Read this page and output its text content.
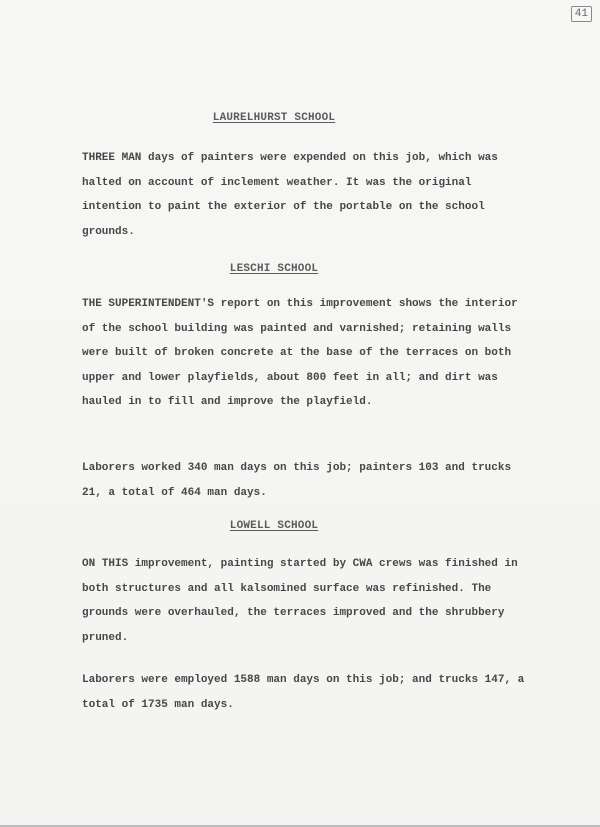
41
LAURELHURST SCHOOL

THREE MAN days of painters were expended on this job, which was halted on account of inclement weather. It was the original intention to paint the exterior of the portable on the school grounds.

LESCHI SCHOOL

THE SUPERINTENDENT'S report on this improvement shows the interior of the school building was painted and varnished; retaining walls were built of broken concrete at the base of the terraces on both upper and lower playfields, about 800 feet in all; and dirt was hauled in to fill and improve the playfield.

Laborers worked 340 man days on this job; painters 103 and trucks 21, a total of 464 man days.

LOWELL SCHOOL

ON THIS improvement, painting started by CWA crews was finished in both structures and all kalsomined surface was refinished. The grounds were overhauled, the terraces improved and the shrubbery pruned.

Laborers were employed 1588 man days on this job; and trucks 147, a total of 1735 man days.
